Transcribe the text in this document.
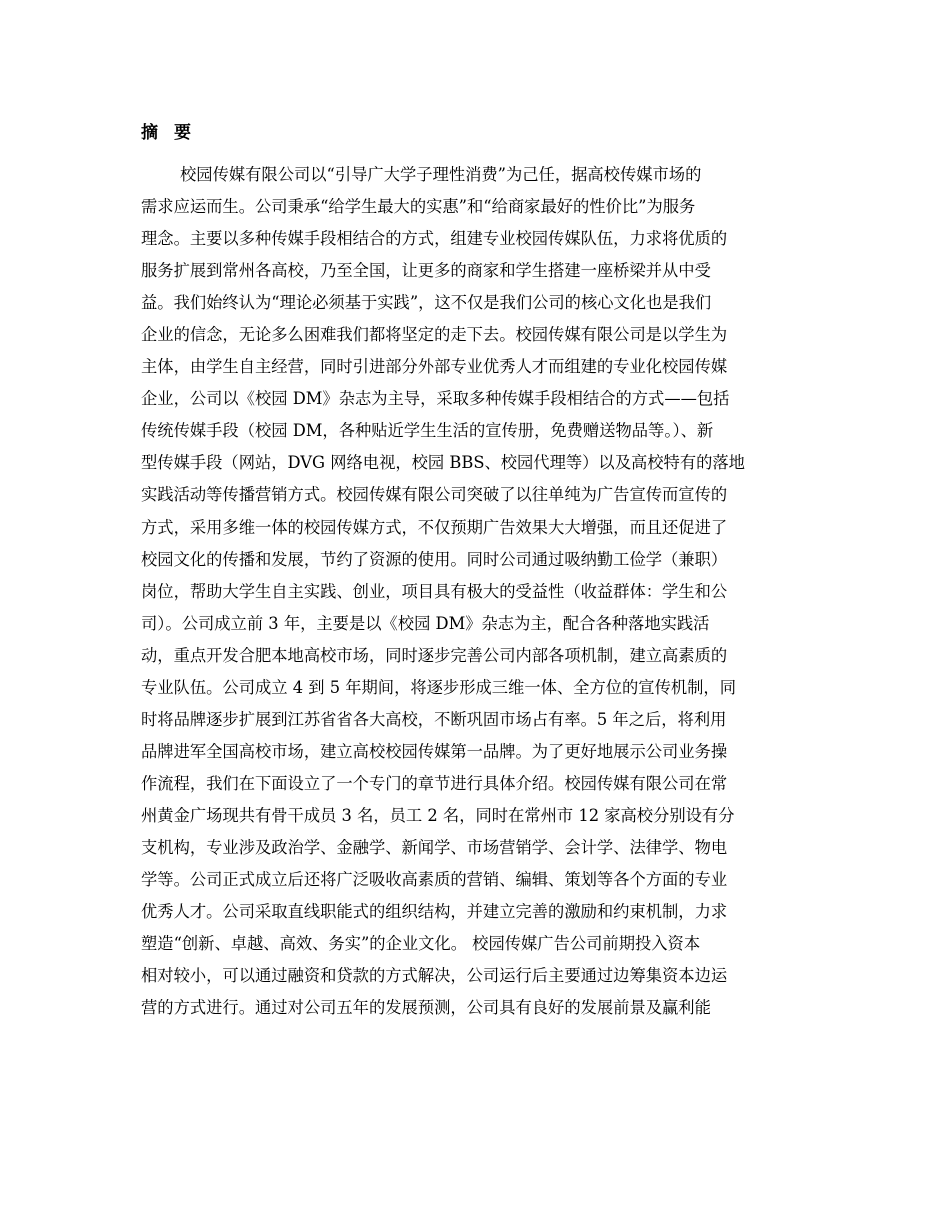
摘要
校园传媒有限公司以“引导广大学子理性消费”为己任，据高校传媒市场的
需求应运而生。公司秉承“给学生最大的实惠”和“给商家最好的性价比”为服务
理念。主要以多种传媒手段相结合的方式，组建专业校园传媒队伍，力求将优质的
服务扩展到常州各高校，乃至全国，让更多的商家和学生搭建一座桥梁并从中受
益。我们始终认为“理论必须基于实践”，这不仅是我们公司的核心文化也是我们
企业的信念，无论多么困难我们都将坚定的走下去。校园传媒有限公司是以学生为
主体，由学生自主经营，同时引进部分外部专业优秀人才而组建的专业化校园传媒
企业，公司以《校园 DM》杂志为主导，采取多种传媒手段相结合的方式——包括
传统传媒手段（校园 DM，各种贴近学生生活的宣传册，免费赠送物品等。）、新
型传媒手段（网站，DVG 网络电视，校园 BBS、校园代理等）以及高校特有的落地
实践活动等传播营销方式。校园传媒有限公司突破了以往单纯为广告宣传而宣传的
方式，采用多维一体的校园传媒方式，不仅预期广告效果大大增强，而且还促进了
校园文化的传播和发展，节约了资源的使用。同时公司通过吸纳勤工俭学（兼职）
岗位，帮助大学生自主实践、创业，项目具有极大的受益性（收益群体：学生和公
司）。公司成立前 3 年，主要是以《校园 DM》杂志为主，配合各种落地实践活
动，重点开发合肥本地高校市场，同时逐步完善公司内部各项机制，建立高素质的
专业队伍。公司成立 4 到 5 年期间，将逐步形成三维一体、全方位的宣传机制，同
时将品牌逐步扩展到江苏省省各大高校，不断巩固市场占有率。5 年之后，将利用
品牌进军全国高校市场，建立高校校园传媒第一品牌。为了更好地展示公司业务操
作流程，我们在下面设立了一个专门的章节进行具体介绍。校园传媒有限公司在常
州黄金广场现共有骨干成员 3 名，员工 2 名，同时在常州市 12 家高校分别设有分
支机构，专业涉及政治学、金融学、新闻学、市场营销学、会计学、法律学、物电
学等。公司正式成立后还将广泛吸收高素质的营销、编辑、策划等各个方面的专业
优秀人才。公司采取直线职能式的组织结构，并建立完善的激励和约束机制，力求
塑造“创新、卓越、高效、务实”的企业文化。 校园传媒广告公司前期投入资本
相对较小，可以通过融资和贷款的方式解决，公司运行后主要通过边筹集资本边运
营的方式进行。通过对公司五年的发展预测，公司具有良好的发展前景及赢利能
